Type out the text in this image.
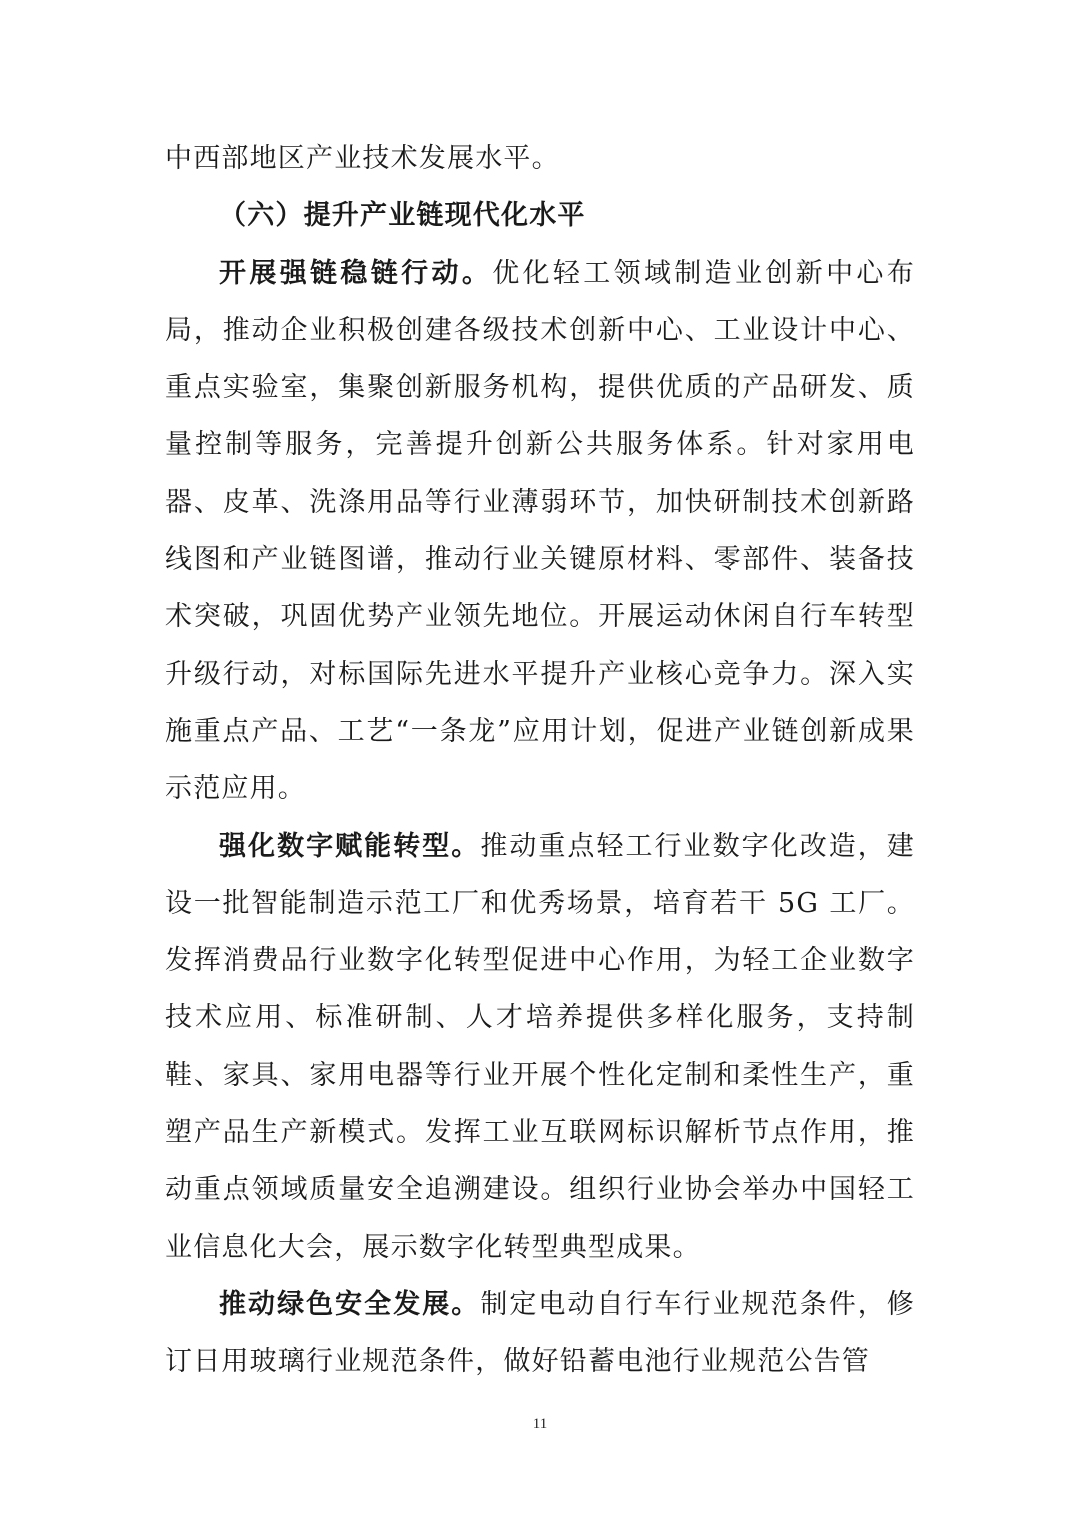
中西部地区产业技术发展水平。

（六）提升产业链现代化水平

开展强链稳链行动。优化轻工领域制造业创新中心布局，推动企业积极创建各级技术创新中心、工业设计中心、重点实验室，集聚创新服务机构，提供优质的产品研发、质量控制等服务，完善提升创新公共服务体系。针对家用电器、皮革、洗涤用品等行业薄弱环节，加快研制技术创新路线图和产业链图谱，推动行业关键原材料、零部件、装备技术突破，巩固优势产业领先地位。开展运动休闲自行车转型升级行动，对标国际先进水平提升产业核心竞争力。深入实施重点产品、工艺“一条龙”应用计划，促进产业链创新成果示范应用。

强化数字赋能转型。推动重点轻工行业数字化改造，建设一批智能制造示范工厂和优秀场景，培育若干 5G 工厂。发挥消费品行业数字化转型促进中心作用，为轻工企业数字技术应用、标准研制、人才培养提供多样化服务，支持制鞋、家具、家用电器等行业开展个性化定制和柔性生产，重塑产品生产新模式。发挥工业互联网标识解析节点作用，推动重点领域质量安全追溯建设。组织行业协会举办中国轻工业信息化大会，展示数字化转型典型成果。

推动绿色安全发展。制定电动自行车行业规范条件，修订日用玻璃行业规范条件，做好铅蓄电池行业规范公告管

11
